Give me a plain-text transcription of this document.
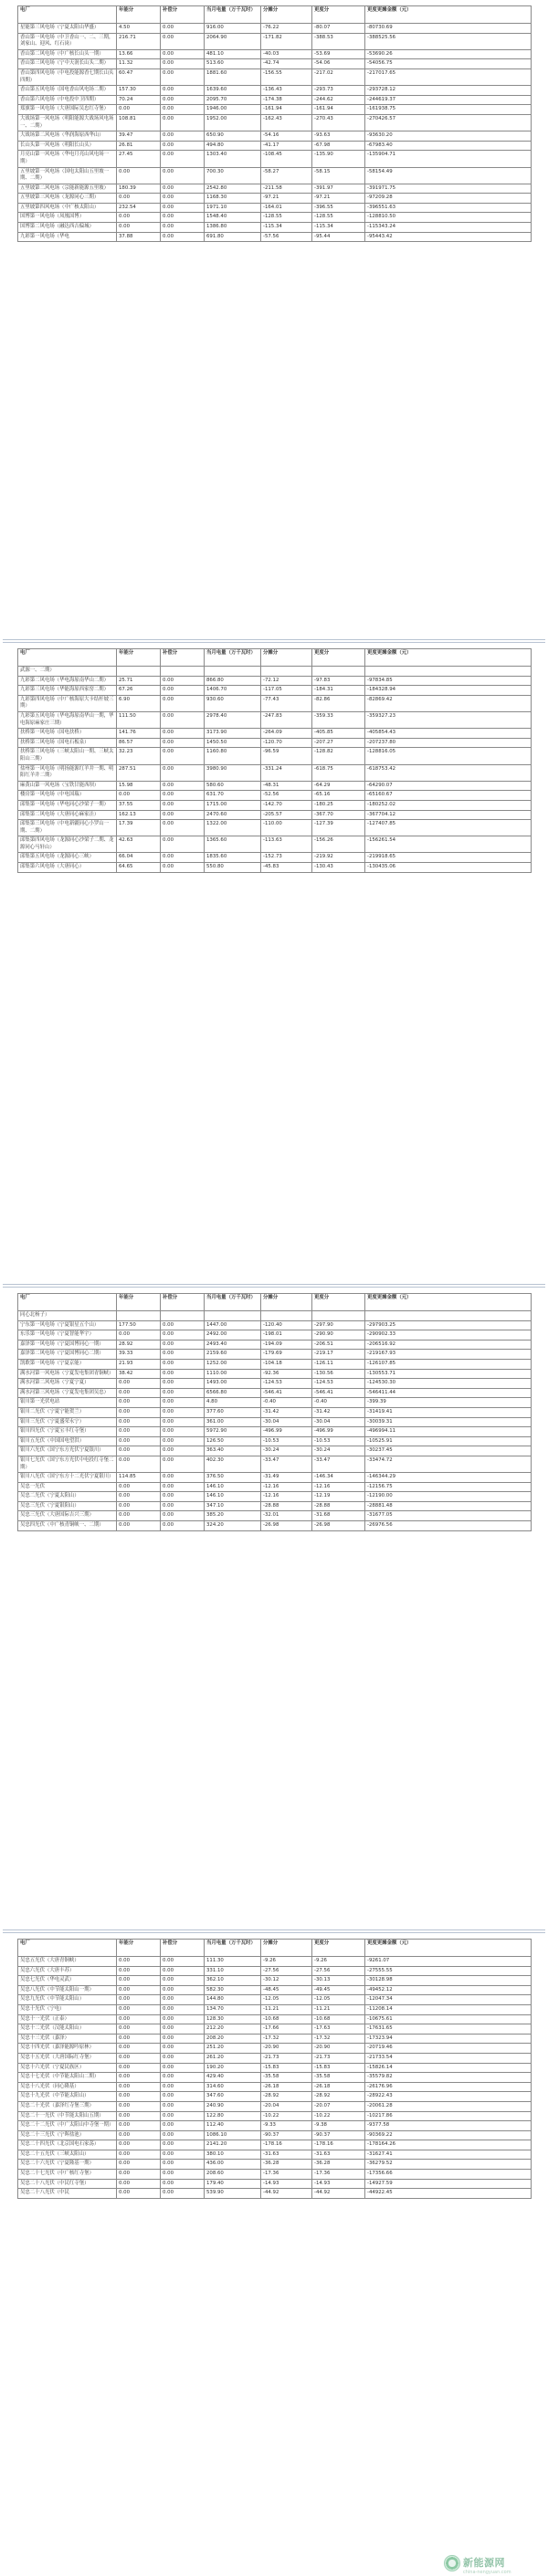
电厂	年能分	补偿分	当月电量（万千瓦时）	分摊分	更度分	更度更摊金额（元）
星能第三风电场（宁夏太阳山华盛）	4.50	0.00	916.00	-76.22	-80.07	-80730.69
香山第一风电场（中卫香山一、二、三期，刘家山、迎风、红石岗）	216.71	0.00	2064.90	-171.82	-388.53	-388525.56
香山第二风电场（中广核长山头一期）	13.66	0.00	481.10	-40.03	-53.69	-53690.26
香山第三风电场（宁中天润长山头二期）	11.32	0.00	513.60	-42.74	-54.06	-54056.75
香山第四风电场（中电投能源香七期长山头四期）	60.47	0.00	1881.60	-156.55	-217.02	-217017.65
香山第五风电场（国电香山风电场二期）	157.30	0.00	1639.60	-136.43	-293.73	-293728.12
香山第六风电场（中电投中卫四期）	70.24	0.00	2095.70	-174.38	-244.62	-244619.37
郑旗第一风电场（大唐国际吴忠红寺堡）	0.00	0.00	1946.00	-161.94	-161.94	-161938.75
大战场第一风电场（明阳能源大战场风电场一、二期）	108.81	0.00	1952.00	-162.43	-270.43	-270426.57
大战场第二风电场（华润海原西华山）	39.47	0.00	650.90	-54.16	-93.63	-93630.20
长山头第一风电场（明阳长山头）	26.81	0.00	494.80	-41.17	-67.98	-67983.40
月亮山第一风电场（华电月亮山风电场一期）	27.45	0.00	1303.40	-108.45	-135.90	-135904.71
五里坡第一风电场（国电太阳山五里坡一期、二期）	0.00	0.00	700.30	-58.27	-58.15	-58154.49
五里坡第二风电场（宗能新能源五里坡）	180.39	0.00	2542.80	-211.58	-391.97	-391971.75
五里坡第三风电场（龙源同心三期）	0.00	0.00	1168.30	-97.21	-97.21	-97209.28
五里坡第四风电场（中广核太阳山）	232.54	0.00	1971.10	-164.01	-396.55	-396551.63
国博第一风电场（凤凰国博）	0.00	0.00	1548.40	-128.55	-128.55	-128810.50
国博第二风电场（融达西吉偏城）	0.00	0.00	1386.80	-115.34	-115.34	-115343.24
九彩第一风电场（华电	37.88	0.00	691.80	-57.56	-95.44	-95443.42
电厂	年能分	补偿分	当月电量（万千瓦时）	分摊分	更度分	更度更摊金额（元）
武源一、二期）						
九彩第二风电场（华电海原南华山二期）	25.71	0.00	866.80	-72.12	-97.83	-97834.85
九彩第三风电场（华能海原西家窑二期）	67.26	0.00	1406.70	-117.05	-184.31	-184328.94
九彩第四风电场（中广核海原大卡结杆坡三期）	6.90	0.00	930.60	-77.43	-82.86	-82869.42
九彩第五风电场（华电海原南华山一期，华电海原麻家庄三期）	111.50	0.00	2978.40	-247.83	-359.33	-359327.23
扶桥第一风电场（国电扶桥）	141.76	0.00	3173.90	-264.09	-405.85	-405854.43
扶桥第二风电场（国电石板泉）	86.57	0.00	1450.50	-120.70	-207.27	-207237.80
扶桥第三风电场（三峡太阳山一期、三峡太阳山三期）	32.23	0.00	1160.80	-96.59	-128.82	-128816.05
盐州第一风电场（明扬能源红羊井一期、明阳红羊井二期）	287.51	0.00	3980.90	-331.24	-618.75	-618753.42
麻黄山第一风电场（宝铁甘能西坝）	15.98	0.00	580.60	-48.31	-64.29	-64290.07
楼房第一风电场（中电国瑞）	0.00	0.00	631.70	-52.56	-65.16	-65160.67
邱集第一风电场（华电同心沙梁子一期）	37.55	0.00	1715.00	-142.70	-180.25	-180252.02
邱集第二风电场（大唐同心麻家洼）	162.13	0.00	2470.60	-205.57	-367.70	-367704.12
邱集第三风电场（中电新疆同心小罗山一期、二期）	17.39	0.00	1322.00	-110.00	-127.39	-127407.85
邱集第四风电场（龙源同心沙梁子二期、龙源同心马轩山）	42.63	0.00	1365.60	-113.63	-156.26	-156261.54
邱集第五风电场（龙源同心三峡）	66.04	0.00	1835.60	-152.73	-219.92	-219918.65
邱集第六风电场（大唐同心）	64.65	0.00	550.80	-45.83	-130.43	-130435.06
电厂	年能分	补偿分	当月电量（万千瓦时）	分摊分	更度分	更度更摊金额（元）
同心北杨子）						
宁东第一风电场（宁夏银星五个山）	177.50	0.00	1447.00	-120.40	-297.90	-297903.25
东乐第一风电场（宁夏智能华宇）	0.00	0.00	2492.00	-198.01	-290.90	-290902.33
嘉泽第一风电场（宁夏国博同心一期）	28.92	0.00	2493.40	-194.09	-206.51	-206516.92
嘉泽第二风电场（宁夏国博同心二期）	39.33	0.00	2159.60	-179.69	-219.17	-219167.93
凯歌第一风电场（宁夏京能）	21.93	0.00	1252.00	-104.18	-126.11	-126107.85
满水河第一风电场（宁夏发电集团青铜峡）	38.42	0.00	1110.00	-92.36	-130.56	-130553.71
满水河第二风电场（宁夏宁夏）	0.00	0.00	1493.00	-124.53	-124.53	-124530.30
满水河第三风电场（宁夏发电集团吴忠）	0.00	0.00	6566.80	-546.41	-546.41	-546411.44
银川第一光伏电站	0.00	0.00	4.80	-0.40	-0.40	-399.39
银川二光伏（宁夏宁能贺兰）	0.00	0.00	377.60	-31.42	-31.42	-31419.41
银川三光伏（宁夏盛荣永宁）	0.00	0.00	361.00	-30.04	-30.04	-30039.31
银川四光伏（宁夏宝丰红寺堡）	0.00	0.00	5972.90	-496.99	-496.99	-496994.11
银川五光伏（中国国电望洪）	0.00	0.00	126.50	-10.53	-10.53	-10525.91
银川六光伏（国宁东方光伏宁夏银川）	0.00	0.00	363.40	-30.24	-30.24	-30237.45
银川七光伏（国宁东方光伏中电投红寺堡二期）	0.00	0.00	402.30	-33.47	-33.47	-33474.72
银川八光伏（国宁东方十二光伏宁夏银川）	114.85	0.00	376.50	-31.49	-146.34	-146344.29
吴忠一光伏	0.00	0.00	146.10	-12.16	-12.16	-12156.75
吴忠二光伏（宁夏太阳山）	0.00	0.00	146.10	-12.16	-12.19	-12190.00
吴忠三光伏（宁夏银阳山）	0.00	0.00	347.10	-28.88	-28.88	-28881.48
吴忠三光伏（大唐国际吉兴三期）	0.00	0.00	385.20	-32.01	-31.68	-31677.05
吴忠四光伏（中广核青铜峡一、二期）	0.00	0.00	324.20	-26.98	-26.98	-26976.56
电厂	年能分	补偿分	当月电量（万千瓦时）	分摊分	更度分	更度更摊金额（元）
吴忠五光伏（大唐青铜峡）	0.00	0.00	111.30	-9.26	-9.26	-9261.07
吴忠六光伏（大唐丰苏）	0.00	0.00	331.10	-27.56	-27.56	-27555.55
吴忠七光伏（华电灵武）	0.00	0.00	362.10	-30.12	-30.13	-30128.98
吴忠八光伏（中节能太阳山一期）	0.00	0.00	582.30	-48.45	-49.45	-49452.12
吴忠九光伏（中节能太阳山）	0.00	0.00	144.80	-12.05	-12.05	-12047.34
吴忠十光伏（宁电）	0.00	0.00	134.70	-11.21	-11.21	-11208.14
吴忠十一光伏（正泰）	0.00	0.00	128.30	-10.68	-10.68	-10675.61
吴忠十二光伏（汉能太阳山）	0.00	0.00	212.20	-17.66	-17.63	-17631.65
吴忠十三光伏（嘉泽）	0.00	0.00	208.20	-17.32	-17.32	-17323.94
吴忠十四光伏（嘉泽能源吟原林）	0.00	0.00	251.20	-20.90	-20.90	-20719.46
吴忠十五光伏（大唐国际红寺堡）	0.00	0.00	261.20	-21.73	-21.73	-21733.54
吴忠十六光伏（宁夏民族区）	0.00	0.00	190.20	-15.83	-15.83	-15826.14
吴忠十七光伏（中节能太阳山二期）	0.00	0.00	429.40	-35.58	-35.58	-35579.82
吴忠十八光伏（同心隆基）	0.00	0.00	314.60	-26.18	-26.18	-26176.96
吴忠十九光伏（中节能太阳山）	0.00	0.00	347.60	-28.92	-28.92	-28922.43
吴忠二十光伏（嘉泽红寺堡三期）	0.00	0.00	240.90	-20.04	-20.07	-20061.28
吴忠二十一光伏（中节能太阳山五期）	0.00	0.00	122.80	-10.22	-10.22	-10217.86
吴忠二十二光伏（中广太阳山中寺堡一期）	0.00	0.00	112.40	-9.33	-9.38	-9377.58
吴忠二十三光伏（宁晖盐池）	0.00	0.00	1086.10	-90.37	-90.37	-90369.22
吴忠二十四光伏（北京国电石家荡）	0.00	0.00	2141.20	-178.16	-178.16	-178164.26
吴忠二十五光伏（三峡太阳山）	0.00	0.00	380.10	-31.63	-31.63	-31627.41
吴忠二十六光伏（宁夏隆基一期）	0.00	0.00	436.00	-36.28	-36.28	-36279.52
吴忠二十七光伏（中广核红寺堡）	0.00	0.00	208.60	-17.36	-17.36	-17356.66
吴忠二十八光伏（中民红寺堡）	0.00	0.00	179.40	-14.93	-14.93	-14927.59
吴忠二十八光伏（中民	0.00	0.00	539.90	-44.92	-44.92	-44922.45
新能源网
china-nengyuan.com
